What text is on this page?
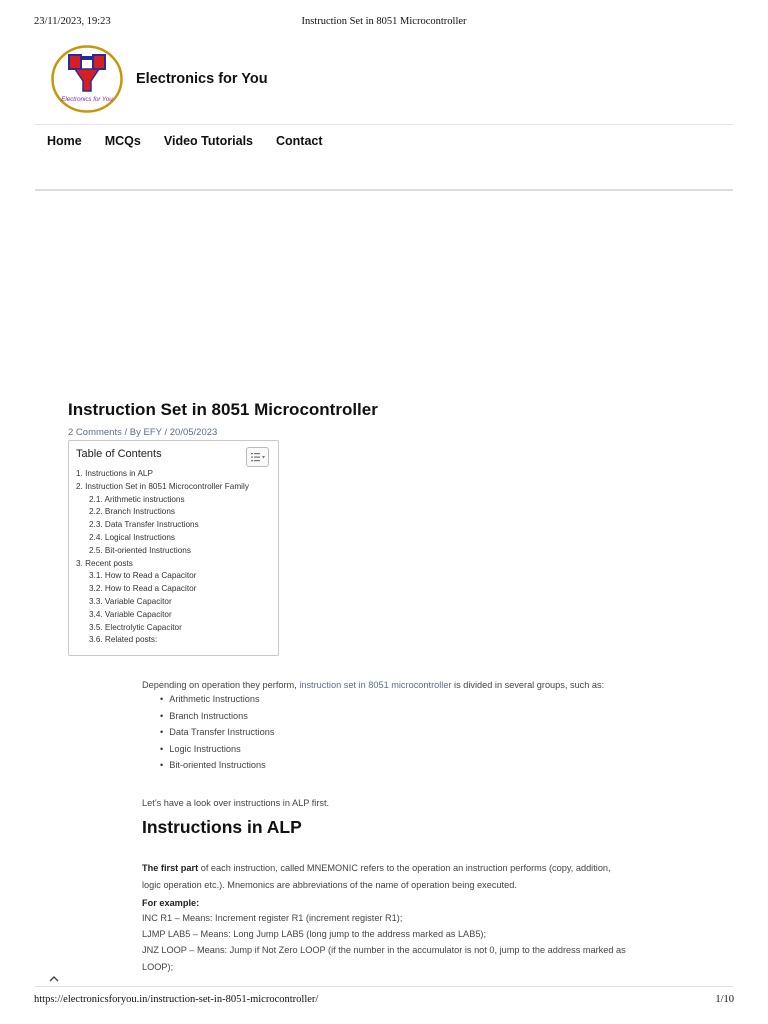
23/11/2023, 19:23	Instruction Set in 8051 Microcontroller
Electronics for You
Electronics for You
Home MCQs Video Tutorials Contact
Instruction Set in 8051 Microcontroller
2 Comments / By EFY / 20/05/2023
Table of Contents
1. Instructions in ALP
2. Instruction Set in 8051 Microcontroller Family
2.1. Arithmetic instructions
2.2. Branch Instructions
2.3. Data Transfer Instructions
2.4. Logical Instructions
2.5. Bit-oriented Instructions
3. Recent posts
3.1. How to Read a Capacitor
3.2. How to Read a Capacitor
3.3. Variable Capacitor
3.4. Variable Capacitor
3.5. Electrolytic Capacitor
3.6. Related posts:

Depending on operation they perform, instruction set in 8051 microcontroller is divided in several groups, such as:

• Arithmetic Instructions
• Branch Instructions
• Data Transfer Instructions
• Logic Instructions
• Bit-oriented Instructions

Let’s have a look over instructions in ALP first.

Instructions in ALP

The first part of each instruction, called MNEMONIC refers to the operation an instruction performs (copy, addition, logic operation etc.). Mnemonics are abbreviations of the name of operation being executed.

For example:

INC R1 – Means: Increment register R1 (increment register R1);
LJMP LAB5 – Means: Long Jump LAB5 (long jump to the address marked as LAB5);
JNZ LOOP – Means: Jump if Not Zero LOOP (if the number in the accumulator is not 0, jump to the address marked as LOOP);
https://electronicsforyou.in/instruction-set-in-8051-microcontroller/	1/10
